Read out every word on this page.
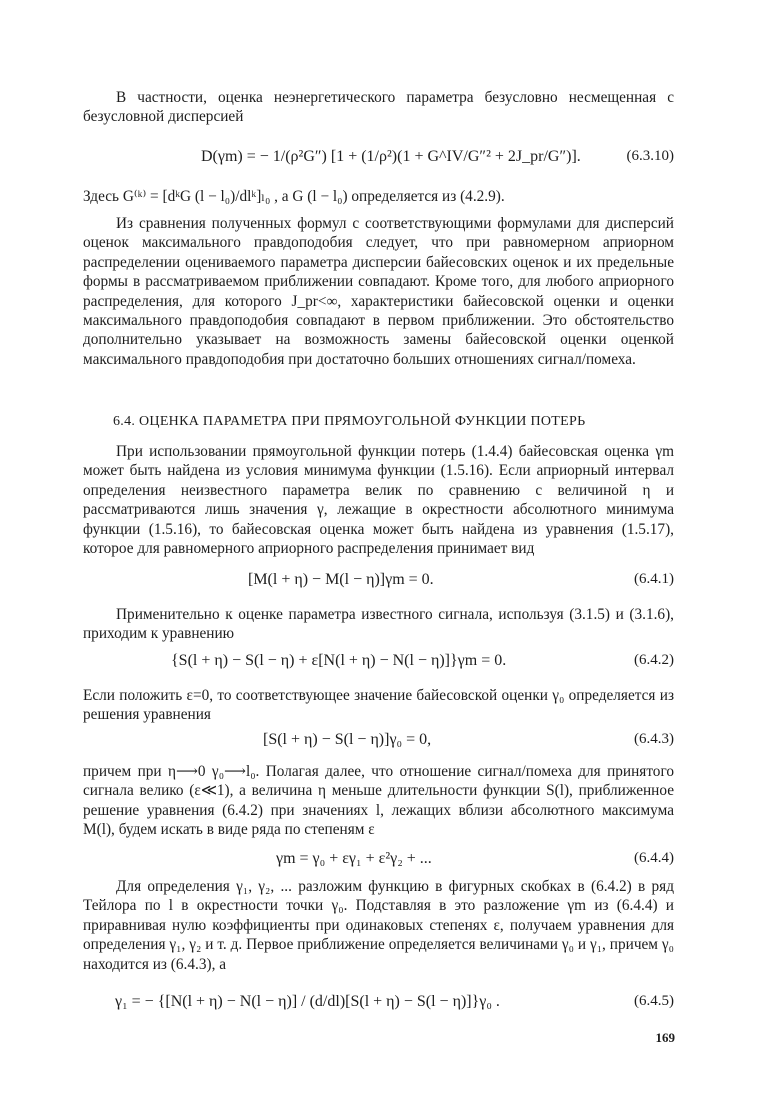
В частности, оценка неэнергетического параметра безусловно несмещенная с безусловной дисперсией

D(γm) = − 1/(ρ²G″) [1 + (1/ρ²)(1 + G^IV/G″² + 2J_pr/G″)].	(6.3.10)

Здесь G⁽ᵏ⁾ = [dᵏG (l − l₀)/dlᵏ]ₗ₀ , а G (l − l₀) определяется из (4.2.9).

Из сравнения полученных формул с соответствующими формулами для дисперсий оценок максимального правдоподобия следует, что при равномерном априорном распределении оцениваемого параметра дисперсии байесовских оценок и их предельные формы в рассматриваемом приближении совпадают. Кроме того, для любого априорного распределения, для которого J_pr<∞, характеристики байесовской оценки и оценки максимального правдоподобия совпадают в первом приближении. Это обстоятельство дополнительно указывает на возможность замены байесовской оценки оценкой максимального правдоподобия при достаточно больших отношениях сигнал/помеха.

6.4. ОЦЕНКА ПАРАМЕТРА ПРИ ПРЯМОУГОЛЬНОЙ ФУНКЦИИ ПОТЕРЬ

При использовании прямоугольной функции потерь (1.4.4) байесовская оценка γm может быть найдена из условия минимума функции (1.5.16). Если априорный интервал определения неизвестного параметра велик по сравнению с величиной η и рассматриваются лишь значения γ, лежащие в окрестности абсолютного минимума функции (1.5.16), то байесовская оценка может быть найдена из уравнения (1.5.17), которое для равномерного априорного распределения принимает вид

[M(l + η) − M(l − η)]γm = 0.	(6.4.1)

Применительно к оценке параметра известного сигнала, используя (3.1.5) и (3.1.6), приходим к уравнению

{S(l + η) − S(l − η) + ε[N(l + η) − N(l − η)]}γm = 0.	(6.4.2)

Если положить ε=0, то соответствующее значение байесовской оценки γ₀ определяется из решения уравнения

[S(l + η) − S(l − η)]γ₀ = 0,	(6.4.3)

причем при η⟶0 γ₀⟶l₀. Полагая далее, что отношение сигнал/помеха для принятого сигнала велико (ε≪1), а величина η меньше длительности функции S(l), приближенное решение уравнения (6.4.2) при значениях l, лежащих вблизи абсолютного максимума M(l), будем искать в виде ряда по степеням ε

γm = γ₀ + εγ₁ + ε²γ₂ + ...	(6.4.4)

Для определения γ₁, γ₂, ... разложим функцию в фигурных скобках в (6.4.2) в ряд Тейлора по l в окрестности точки γ₀. Подставляя в это разложение γm из (6.4.4) и приравнивая нулю коэффициенты при одинаковых степенях ε, получаем уравнения для определения γ₁, γ₂ и т. д. Первое приближение определяется величинами γ₀ и γ₁, причем γ₀ находится из (6.4.3), а

γ₁ = − {[N(l + η) − N(l − η)] / (d/dl)[S(l + η) − S(l − η)]}γ₀ .	(6.4.5)
169
